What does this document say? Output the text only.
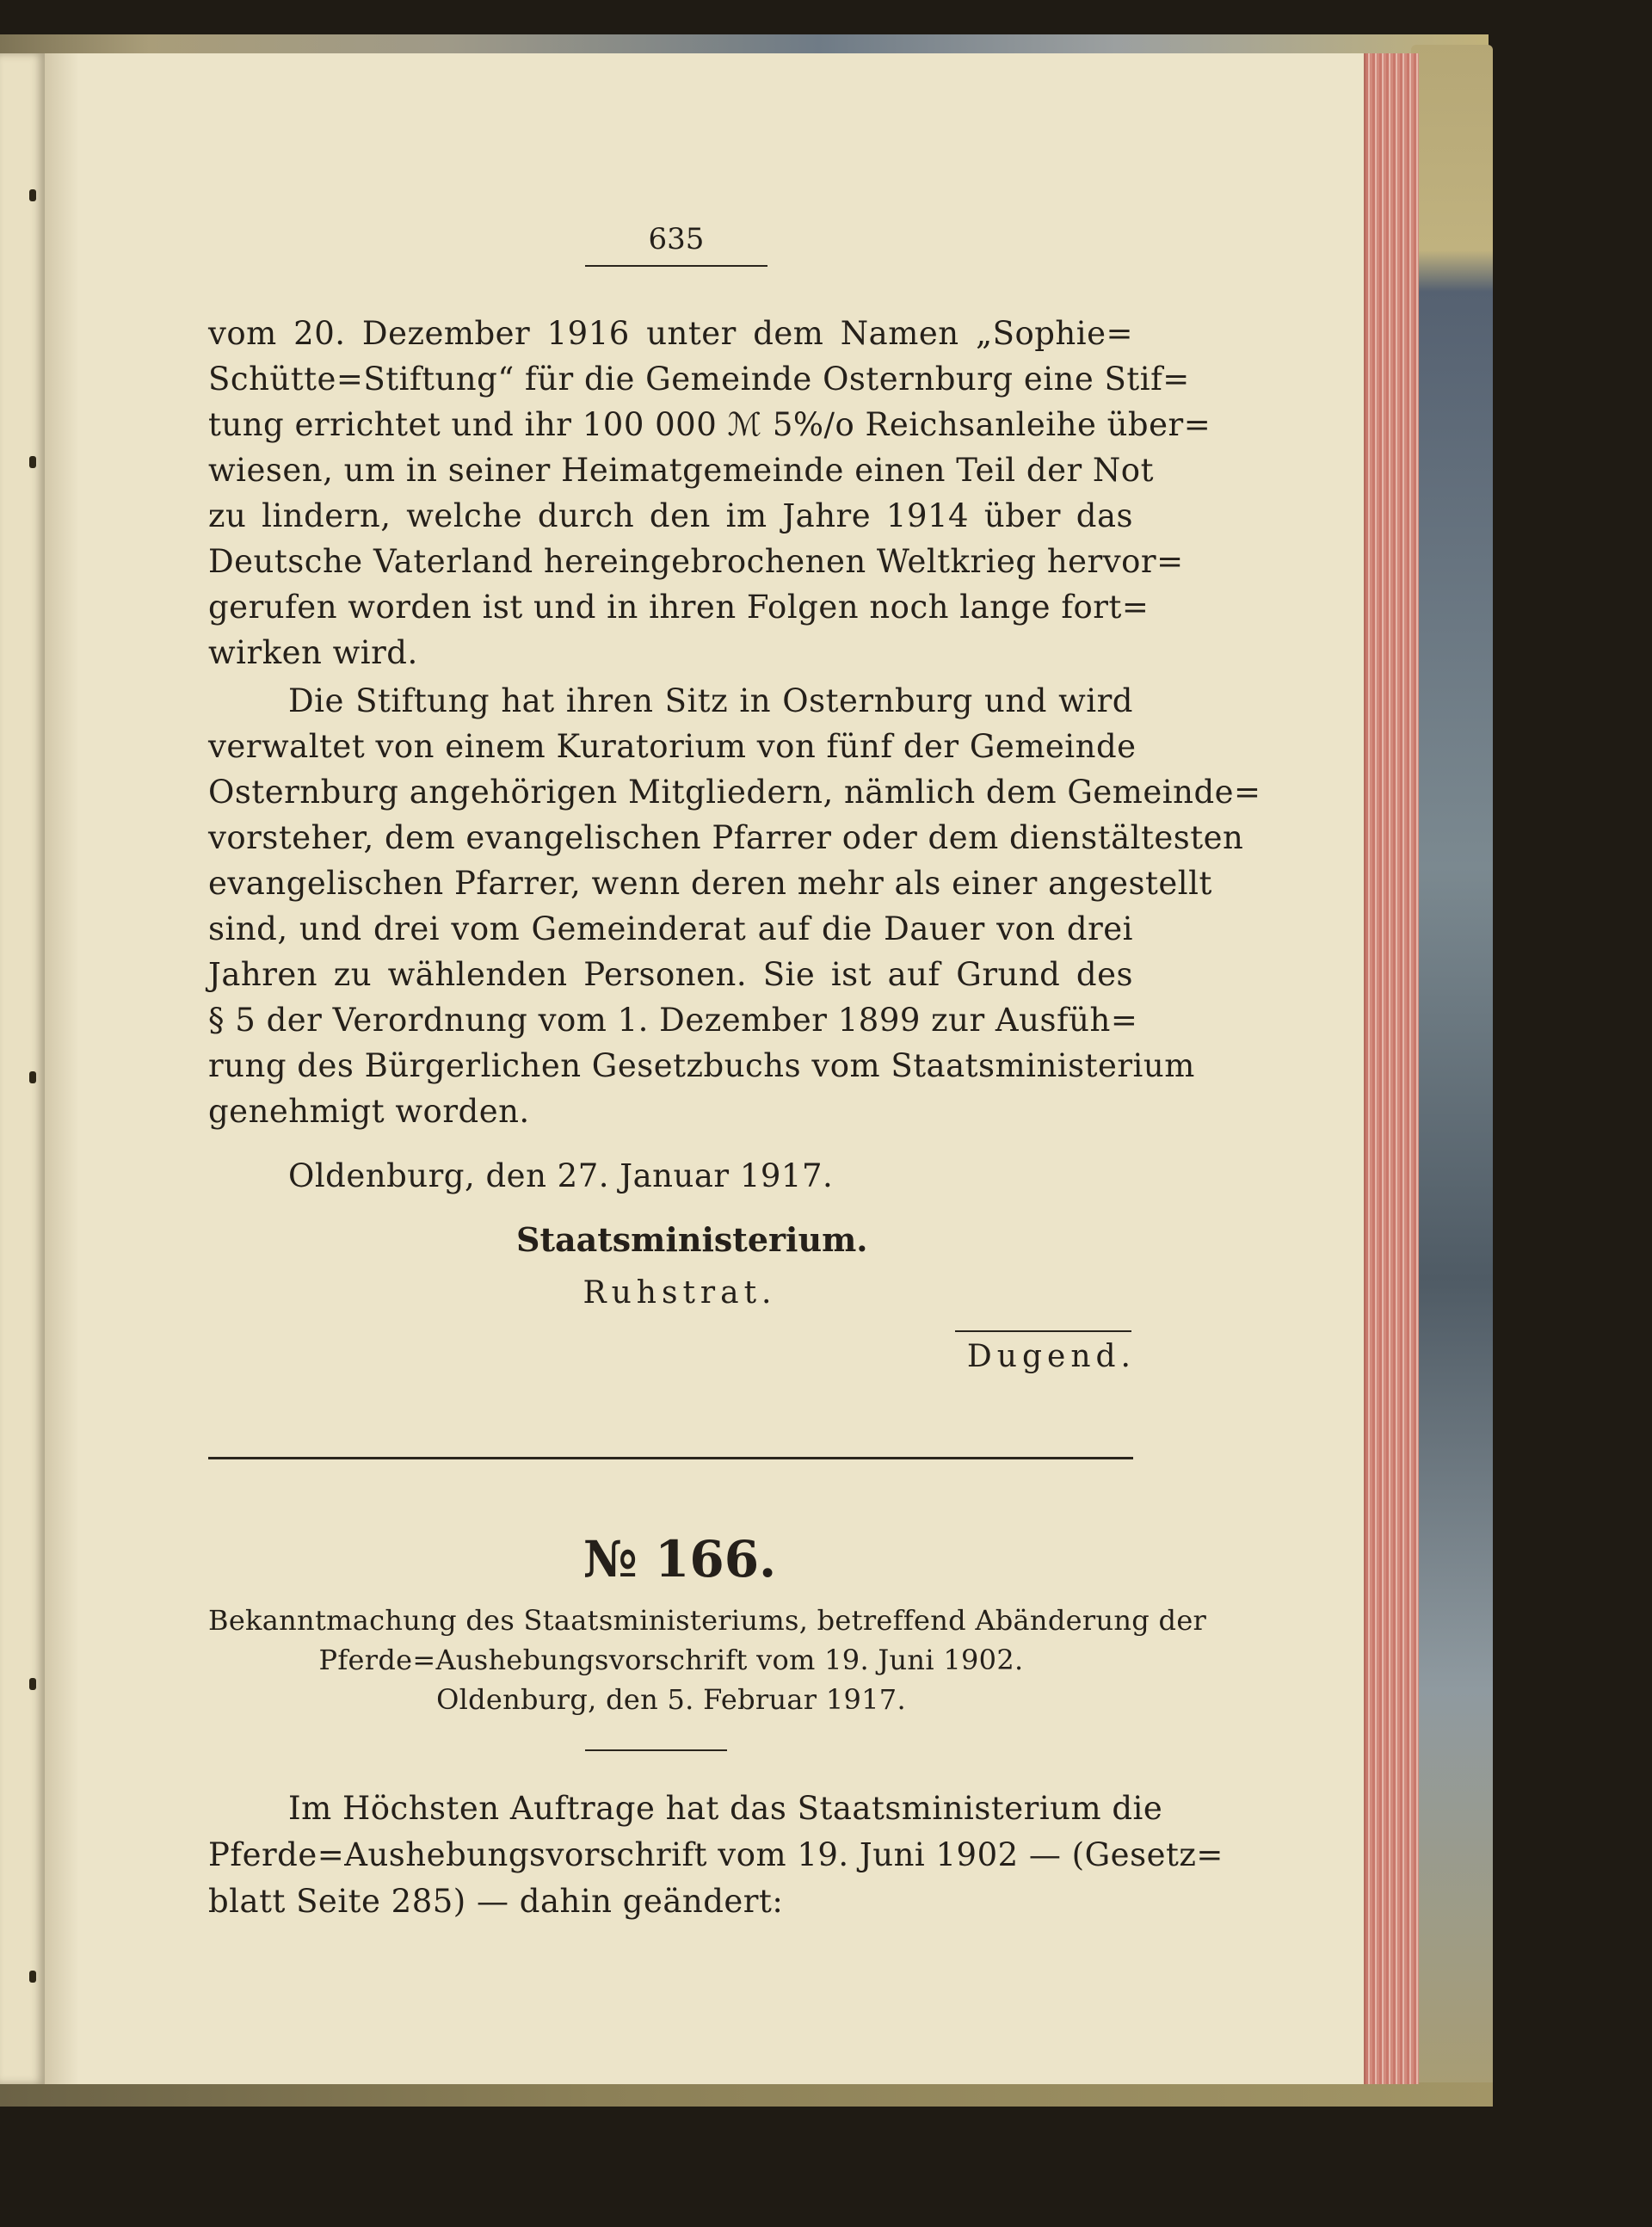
635
vom 20. Dezember 1916 unter dem Namen „Sophie=
Schütte=Stiftung“ für die Gemeinde Osternburg eine Stif=
tung errichtet und ihr 100 000 ℳ 5%/o Reichsanleihe über=
wiesen, um in seiner Heimatgemeinde einen Teil der Not
zu lindern, welche durch den im Jahre 1914 über das
Deutsche Vaterland hereingebrochenen Weltkrieg hervor=
gerufen worden ist und in ihren Folgen noch lange fort=
wirken wird.
Die Stiftung hat ihren Sitz in Osternburg und wird
verwaltet von einem Kuratorium von fünf der Gemeinde
Osternburg angehörigen Mitgliedern, nämlich dem Gemeinde=
vorsteher, dem evangelischen Pfarrer oder dem dienstältesten
evangelischen Pfarrer, wenn deren mehr als einer angestellt
sind, und drei vom Gemeinderat auf die Dauer von drei
Jahren zu wählenden Personen. Sie ist auf Grund des
§ 5 der Verordnung vom 1. Dezember 1899 zur Ausfüh=
rung des Bürgerlichen Gesetzbuchs vom Staatsministerium
genehmigt worden.
Oldenburg, den 27. Januar 1917.
Staatsministerium.
Ruhstrat.
Dugend.
№ 166.
Bekanntmachung des Staatsministeriums, betreffend Abänderung der
Pferde=Aushebungsvorschrift vom 19. Juni 1902.
Oldenburg, den 5. Februar 1917.
Im Höchsten Auftrage hat das Staatsministerium die
Pferde=Aushebungsvorschrift vom 19. Juni 1902 — (Gesetz=
blatt Seite 285) — dahin geändert:
